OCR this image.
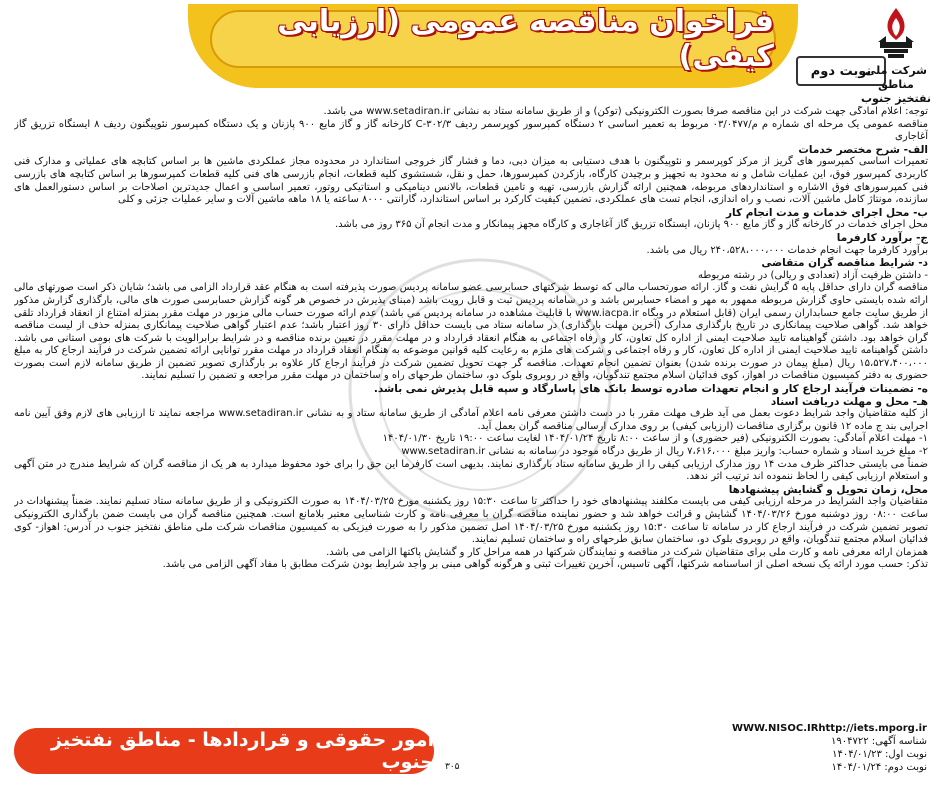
فراخوان مناقصه عمومی (ارزیابی کیفی)	نوبت دوم
شرکت ملی مناطق
نفتخیز جنوب

توجه: اعلام آمادگی جهت شرکت در این مناقصه صرفاً بصورت الکترونیکی (توکن) و از طریق سامانه ستاد به نشانی www.setadiran.ir می باشد.

مناقصه عمومی یک مرحله ای شماره م م/۰۳/۰۴۷۷ مربوط به تعمیر اساسی ۲ دستگاه کمپرسور کوپرسمر ردیف C-۳۰۲/۳ کارخانه گاز و گاز مایع ۹۰۰ پازنان و یک دستگاه کمپرسور نئوپیگنون ردیف ۸ ایستگاه تزریق گاز آغاجاری

الف- شرح مختصر خدمات

تعمیرات اساسی کمپرسور های گریز از مرکز کوپرسمر و نئوپیگنون با هدف دستیابی به میزان دبی، دما و فشار گاز خروجی استاندارد در محدوده مجاز عملکردی ماشین ها بر اساس کتابچه های عملیاتی و مدارک فنی کاربردی کمپرسور فوق، این عملیات شامل و نه محدود به تجهیز و برچیدن کارگاه، بازکردن کمپرسورها، حمل و نقل، شستشوی کلیه قطعات، انجام بازرسی های فنی کلیه قطعات کمپرسورها بر اساس کتابچه های بازرسی فنی کمپرسورهای فوق الاشاره و استانداردهای مربوطه، همچنین ارائه گزارش بازرسی، تهیه و تامین قطعات، بالانس دینامیکی و استاتیکی روتور، تعمیر اساسی و اعمال جدیدترین اصلاحات بر اساس دستورالعمل های سازنده، مونتاژ کامل ماشین آلات، نصب و راه اندازی، انجام تست های عملکردی، تضمین کیفیت کارکرد بر اساس استاندارد، گارانتی ۸۰۰۰ ساعته یا ۱۸ ماهه ماشین آلات و سایر عملیات جزئی و کلی

ب- محل اجرای خدمات و مدت انجام کار

محل اجرای خدمات در کارخانه گاز و گاز مایع ۹۰۰ پازنان، ایستگاه تزریق گاز آغاجاری و کارگاه مجهز پیمانکار و مدت انجام آن ۳۶۵ روز می باشد.

ج- برآورد کارفرما

برآورد کارفرما جهت انجام خدمات ۲۴۰،۵۲۸،۰۰۰،۰۰۰ ریال می باشد.

د- شرایط مناقصه گران متقاضی

- داشتن ظرفیت آزاد (تعدادی و ریالی) در رشته مربوطه

مناقصه گران دارای حداقل پایه ۵ گرایش نفت و گاز. ارائه صورتحساب مالی که توسط شرکتهای حسابرسی عضو سامانه پردیس صورت پذیرفته است به هنگام عقد قرارداد الزامی می باشد؛ شایان ذکر است صورتهای مالی ارائه شده بایستی حاوی گزارش مربوطه ممهور به مهر و امضاء حسابرس باشد و در سامانه پردیس ثبت و قابل رویت باشد (مبنای پذیرش در خصوص هر گونه گزارش حسابرسی صورت های مالی، بارگذاری گزارش مذکور از طریق سایت جامع حسابداران رسمی ایران (قابل استعلام در وبگاه www.iacpa.ir با قابلیت مشاهده در سامانه پردیس می باشد) عدم ارائه صورت حساب مالی مزبور در مهلت مقرر بمنزله امتناع از انعقاد قرارداد تلقی خواهد شد. گواهی صلاحیت پیمانکاری در تاریخ بارگذاری مدارک (آخرین مهلت بارگذاری) در سامانه ستاد می بایست حداقل دارای ۳۰ روز اعتبار باشد؛ عدم اعتبار گواهی صلاحیت پیمانکاری بمنزله حذف از لیست مناقصه گران خواهد بود. داشتن گواهینامه تایید صلاحیت ایمنی از اداره کل تعاون، کار و رفاه اجتماعی به هنگام انعقاد قرارداد و در مهلت مقرر در تعیین برنده مناقصه و در شرایط برابرالویت با شرکت های بومی استانی می باشد. داشتن گواهینامه تایید صلاحیت ایمنی از اداره کل تعاون، کار و رفاه اجتماعی و شرکت های ملزم به رعایت کلیه قوانین موضوعه به هنگام انعقاد قرارداد در مهلت مقرر توانایی ارائه تضمین شرکت در فرآیند ارجاع کار به مبلغ ۱۵،۵۲۷،۴۰۰،۰۰۰ ریال (مبلغ پیمان در صورت برنده شدن) بعنوان تضمین انجام تعهدات. مناقصه گر جهت تحویل تضمین شرکت در فرآیند ارجاع کار علاوه بر بارگذاری تصویر تضمین از طریق سامانه لازم است بصورت حضوری به دفتر کمیسیون مناقصات در اهواز، کوی فدائیان اسلام مجتمع تندگویان، واقع در روبروی بلوک دو، ساختمان طرحهای راه و ساختمان در مهلت مقرر مراجعه و تضمین را تسلیم نمایند.

ه- تضمینات فرآیند ارجاع کار و انجام تعهدات صادره توسط بانک های پاسارگاد و سپه قابل پذیرش نمی باشد.

هـ- محل و مهلت دریافت اسناد

از کلیه متقاضیان واجد شرایط دعوت بعمل می آید ظرف مهلت مقرر با در دست داشتن معرفی نامه اعلام آمادگی از طریق سامانه ستاد و به نشانی www.setadiran.ir مراجعه نمایند تا ارزیابی های لازم وفق آیین نامه اجرایی بند ج ماده ۱۲ قانون برگزاری مناقصات (ارزیابی کیفی) بر روی مدارک ارسالی مناقصه گران بعمل آید.

۱- مهلت اعلام آمادگی: بصورت الکترونیکی (فیر حضوری) و از ساعت ۸:۰۰ تاریخ ۱۴۰۴/۰۱/۲۴ لغایت ساعت ۱۹:۰۰ تاریخ ۱۴۰۴/۰۱/۳۰

۲- مبلغ خرید اسناد و شماره حساب: واریز مبلغ ۷،۶۱۶،۰۰۰ ریال از طریق درگاه موجود در سامانه به نشانی www.setadiran.ir

ضمناً می بایستی حداکثر ظرف مدت ۱۴ روز مدارک ارزیابی کیفی را از طریق سامانه ستاد بارگذاری نمایند. بدیهی است کارفرما این حق را برای خود محفوظ میدارد به هر یک از مناقصه گران که شرایط مندرج در متن آگهی و استعلام ارزیابی کیفی را لحاظ ننموده اند ترتیب اثر ندهد.

محل، زمان تحویل و گشایش پیشنهادها

متقاضیان واجد الشرایط در مرحله ارزیابی کیفی می بایست مکلفند پیشنهادهای خود را حداکثر تا ساعت ۱۵:۳۰ روز یکشنبه مورخ ۱۴۰۴/۰۳/۲۵ به صورت الکترونیکی و از طریق سامانه ستاد تسلیم نمایند. ضمناً پیشنهادات در ساعت ۰۸:۰۰ روز دوشنبه مورخ ۱۴۰۴/۰۳/۲۶ گشایش و قرائت خواهد شد و حضور نماینده مناقصه گران با معرفی نامه و کارت شناسایی معتبر بلامانع است. همچنین مناقصه گران می بایست ضمن بارگذاری الکترونیکی تصویر تضمین شرکت در فرآیند ارجاع کار در سامانه تا ساعت ۱۵:۳۰ روز یکشنبه مورخ ۱۴۰۴/۰۳/۲۵ اصل تضمین مذکور را به صورت فیزیکی به کمیسیون مناقصات شرکت ملی مناطق نفتخیز جنوب در آدرس: اهواز- کوی فدائیان اسلام مجتمع تندگویان، واقع در روبروی بلوک دو، ساختمان سابق طرحهای راه و ساختمان تسلیم نمایند.

همزمان ارائه معرفی نامه و کارت ملی برای متقاضیان شرکت در مناقصه و نمایندگان شرکتها در همه مراحل کار و گشایش پاکتها الزامی می باشد.

تذکر: حسب مورد ارائه یک نسخه اصلی از اساسنامه شرکتها، آگهی تاسیس، آخرین تغییرات ثبتی و هرگونه گواهی مبنی بر واجد شرایط بودن شرکت مطابق با مفاد آگهی الزامی می باشد.

امور حقوقی و قراردادها - مناطق نفتخیز جنوب ۳۰۵
WWW.NISOC.IRhttp://iets.mporg.ir
شناسه آگهی: ۱۹۰۴۷۲۲
نوبت اول: ۱۴۰۴/۰۱/۲۳
نوبت دوم: ۱۴۰۴/۰۱/۲۴
